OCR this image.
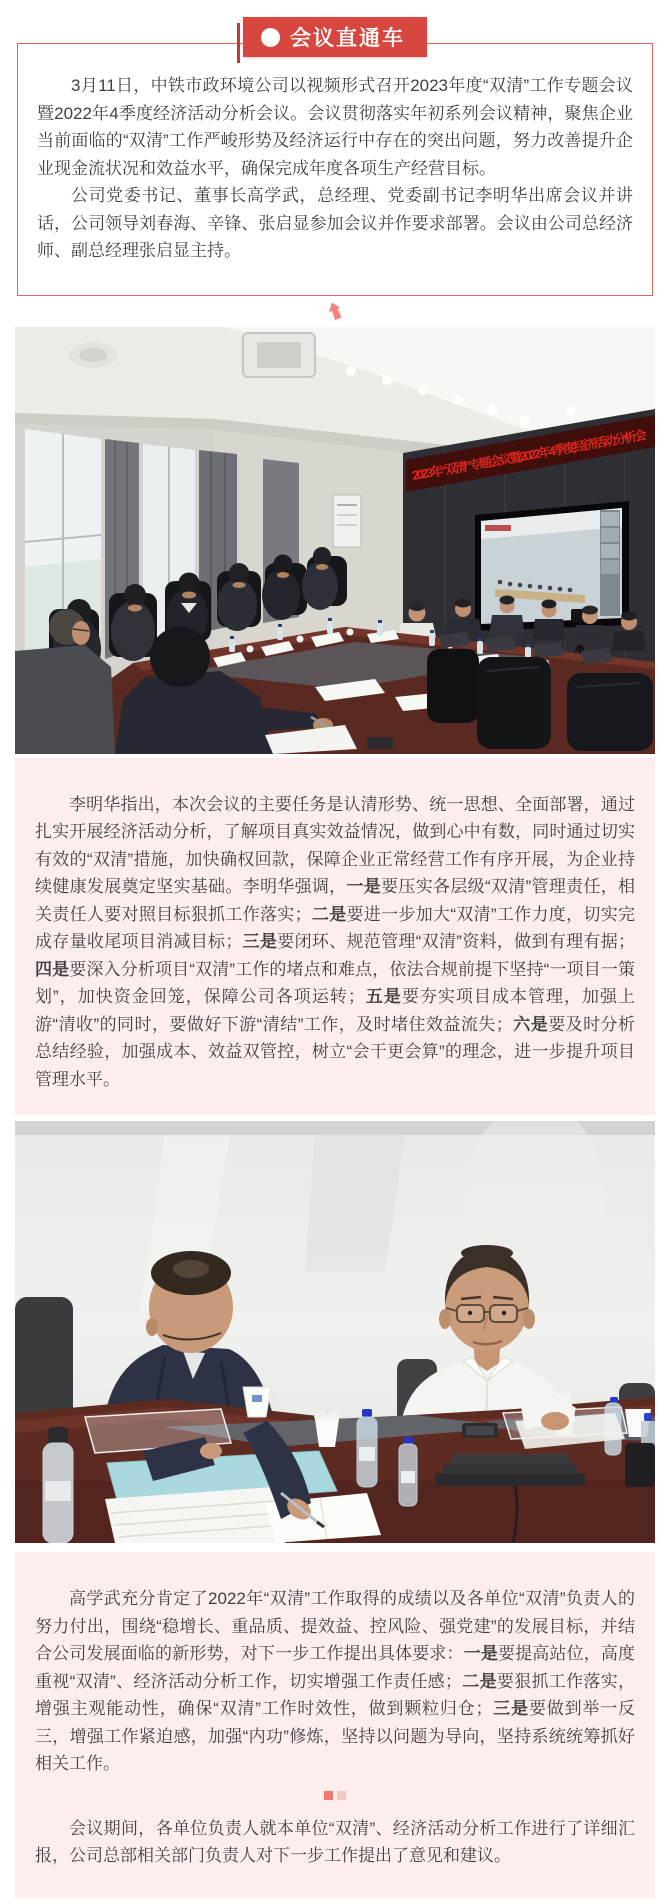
会议直通车

3月11日，中铁市政环境公司以视频形式召开2023年度“双清”工作专题会议暨2022年4季度经济活动分析会议。会议贯彻落实年初系列会议精神，聚焦企业当前面临的“双清”工作严峻形势及经济运行中存在的突出问题，努力改善提升企业现金流状况和效益水平，确保完成年度各项生产经营目标。

公司党委书记、董事长高学武，总经理、党委副书记李明华出席会议并讲话，公司领导刘春海、辛锋、张启显参加会议并作要求部署。会议由公司总经济师、副总经理张启显主持。

2023年“双清”专题会议暨2022年4季度经济活动分析会

李明华指出，本次会议的主要任务是认清形势、统一思想、全面部署，通过扎实开展经济活动分析，了解项目真实效益情况，做到心中有数，同时通过切实有效的“双清”措施，加快确权回款，保障企业正常经营工作有序开展，为企业持续健康发展奠定坚实基础。李明华强调，一是要压实各层级“双清”管理责任，相关责任人要对照目标狠抓工作落实；二是要进一步加大“双清”工作力度，切实完成存量收尾项目消减目标；三是要闭环、规范管理“双清”资料，做到有理有据；四是要深入分析项目“双清”工作的堵点和难点，依法合规前提下坚持“一项目一策划”，加快资金回笼，保障公司各项运转；五是要夯实项目成本管理，加强上游“清收”的同时，要做好下游“清结”工作，及时堵住效益流失；六是要及时分析总结经验，加强成本、效益双管控，树立“会干更会算”的理念，进一步提升项目管理水平。

高学武充分肯定了2022年“双清”工作取得的成绩以及各单位“双清”负责人的努力付出，围绕“稳增长、重品质、提效益、控风险、强党建”的发展目标，并结合公司发展面临的新形势，对下一步工作提出具体要求：一是要提高站位，高度重视“双清”、经济活动分析工作，切实增强工作责任感；二是要狠抓工作落实，增强主观能动性，确保“双清”工作时效性，做到颗粒归仓；三是要做到举一反三，增强工作紧迫感，加强“内功”修炼，坚持以问题为导向，坚持系统统筹抓好相关工作。

会议期间，各单位负责人就本单位“双清”、经济活动分析工作进行了详细汇报，公司总部相关部门负责人对下一步工作提出了意见和建议。
